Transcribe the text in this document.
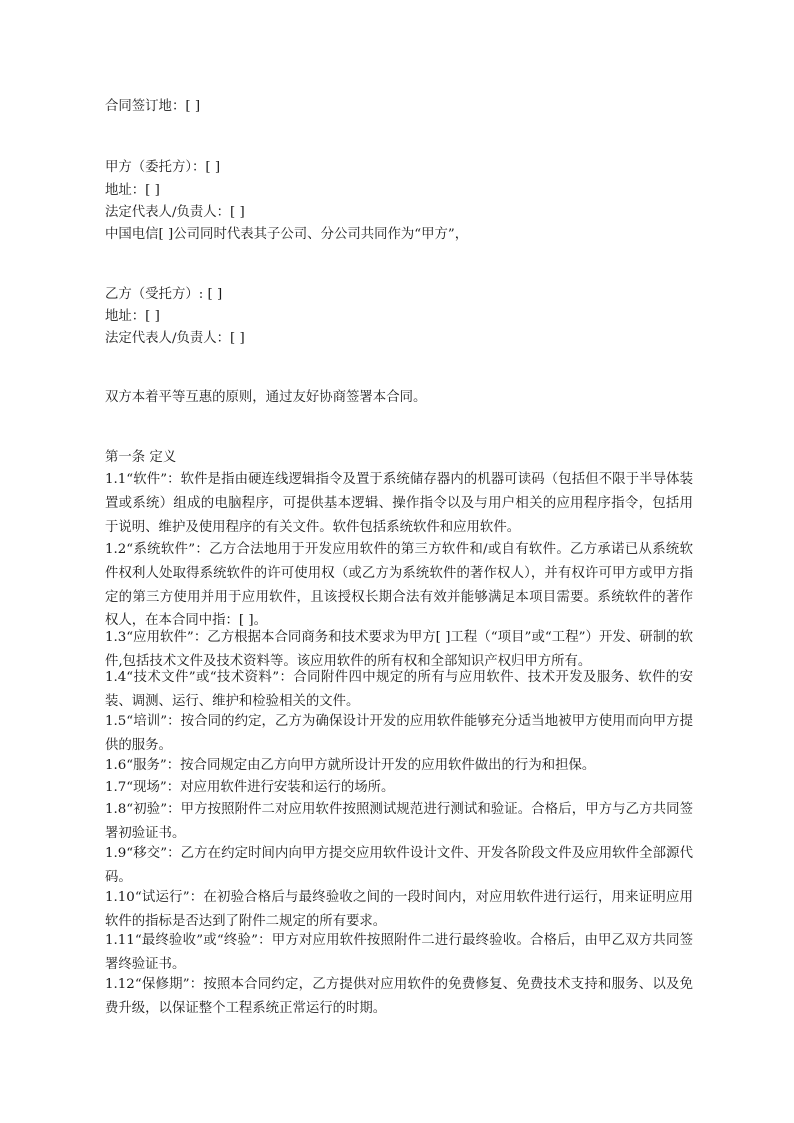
合同签订地：[ ]
甲方（委托方）：[ ]
地址：[ ]
法定代表人/负责人：[ ]
中国电信[ ]公司同时代表其子公司、分公司共同作为“甲方”，
乙方（受托方）: [ ]
地址：[ ]
法定代表人/负责人：[ ]
双方本着平等互惠的原则，通过友好协商签署本合同。
第一条 定义
1.1“软件”：软件是指由硬连线逻辑指令及置于系统储存器内的机器可读码（包括但不限于半导体装置或系统）组成的电脑程序，可提供基本逻辑、操作指令以及与用户相关的应用程序指令，包括用于说明、维护及使用程序的有关文件。软件包括系统软件和应用软件。
1.2“系统软件”：乙方合法地用于开发应用软件的第三方软件和/或自有软件。乙方承诺已从系统软件权利人处取得系统软件的许可使用权（或乙方为系统软件的著作权人），并有权许可甲方或甲方指定的第三方使用并用于应用软件，且该授权长期合法有效并能够满足本项目需要。系统软件的著作权人，在本合同中指：[ ]。
1.3“应用软件”：乙方根据本合同商务和技术要求为甲方[ ]工程（“项目”或“工程”）开发、研制的软件,包括技术文件及技术资料等。该应用软件的所有权和全部知识产权归甲方所有。
1.4“技术文件”或“技术资料”：合同附件四中规定的所有与应用软件、技术开发及服务、软件的安装、调测、运行、维护和检验相关的文件。
1.5“培训”：按合同的约定，乙方为确保设计开发的应用软件能够充分适当地被甲方使用而向甲方提供的服务。
1.6“服务”：按合同规定由乙方向甲方就所设计开发的应用软件做出的行为和担保。
1.7“现场”：对应用软件进行安装和运行的场所。
1.8“初验”：甲方按照附件二对应用软件按照测试规范进行测试和验证。合格后，甲方与乙方共同签署初验证书。
1.9“移交”：乙方在约定时间内向甲方提交应用软件设计文件、开发各阶段文件及应用软件全部源代码。
1.10“试运行”：在初验合格后与最终验收之间的一段时间内，对应用软件进行运行，用来证明应用软件的指标是否达到了附件二规定的所有要求。
1.11“最终验收”或“终验”：甲方对应用软件按照附件二进行最终验收。合格后，由甲乙双方共同签署终验证书。
1.12“保修期”：按照本合同约定，乙方提供对应用软件的免费修复、免费技术支持和服务、以及免费升级，以保证整个工程系统正常运行的时期。
